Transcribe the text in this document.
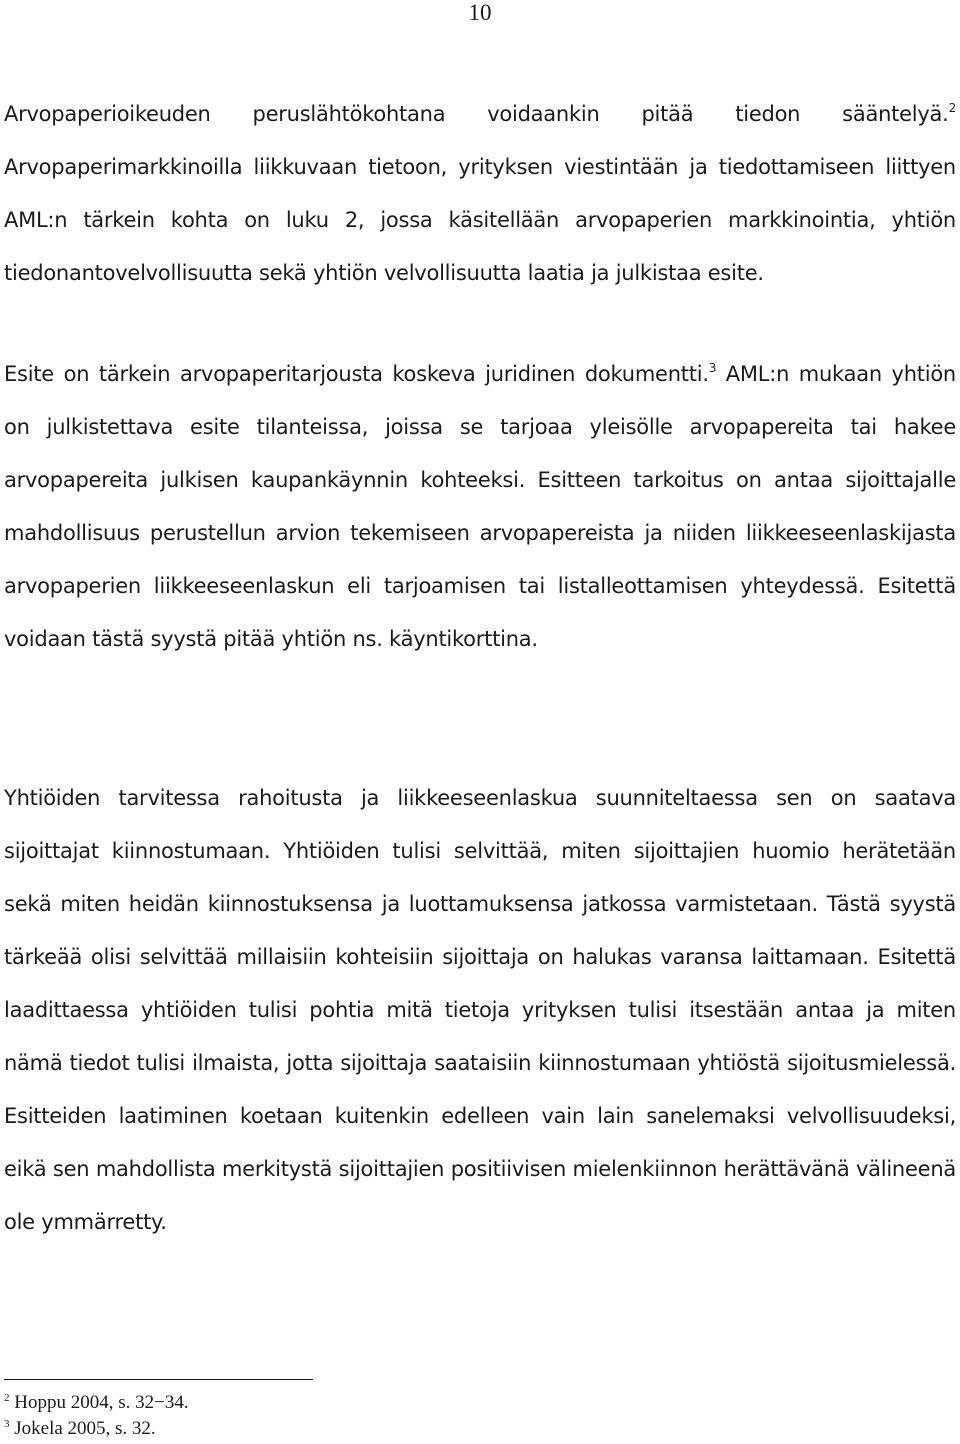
10

Arvopaperioikeuden peruslähtökohtana voidaankin pitää tiedon sääntelyä.$^2$ Arvopaperimarkkinoilla liikkuvaan tietoon, yrityksen viestintään ja tiedottamiseen liittyen AML:n tärkein kohta on luku 2, jossa käsitellään arvopaperien markkinointia, yhtiön tiedonantovelvollisuutta sekä yhtiön velvollisuutta laatia ja julkistaa esite.

Esite on tärkein arvopaperitarjousta koskeva juridinen dokumentti.$^3$ AML:n mukaan yhtiön on julkistettava esite tilanteissa, joissa se tarjoaa yleisölle arvopapereita tai hakee arvopapereita julkisen kaupankäynnin kohteeksi. Esitteen tarkoitus on antaa sijoittajalle mahdollisuus perustellun arvion tekemiseen arvopapereista ja niiden liikkeeseenlaskijasta arvopaperien liikkeeseenlaskun eli tarjoamisen tai listalleottamisen yhteydessä. Esitettä voidaan tästä syystä pitää yhtiön ns. käyntikorttina.

Yhtiöiden tarvitessa rahoitusta ja liikkeeseenlaskua suunniteltaessa sen on saatava sijoittajat kiinnostumaan. Yhtiöiden tulisi selvittää, miten sijoittajien huomio herätetään sekä miten heidän kiinnostuksensa ja luottamuksensa jatkossa varmistetaan. Tästä syystä tärkeää olisi selvittää millaisiin kohteisiin sijoittaja on halukas varansa laittamaan. Esitettä laadittaessa yhtiöiden tulisi pohtia mitä tietoja yrityksen tulisi itsestään antaa ja miten nämä tiedot tulisi ilmaista, jotta sijoittaja saataisiin kiinnostumaan yhtiöstä sijoitusmielessä. Esitteiden laatiminen koetaan kuitenkin edelleen vain lain sanelemaksi velvollisuudeksi, eikä sen mahdollista merkitystä sijoittajien positiivisen mielenkiinnon herättävänä välineenä ole ymmärretty.

$^2$ Hoppu 2004, s. 32−34.
$^3$ Jokela 2005, s. 32.
